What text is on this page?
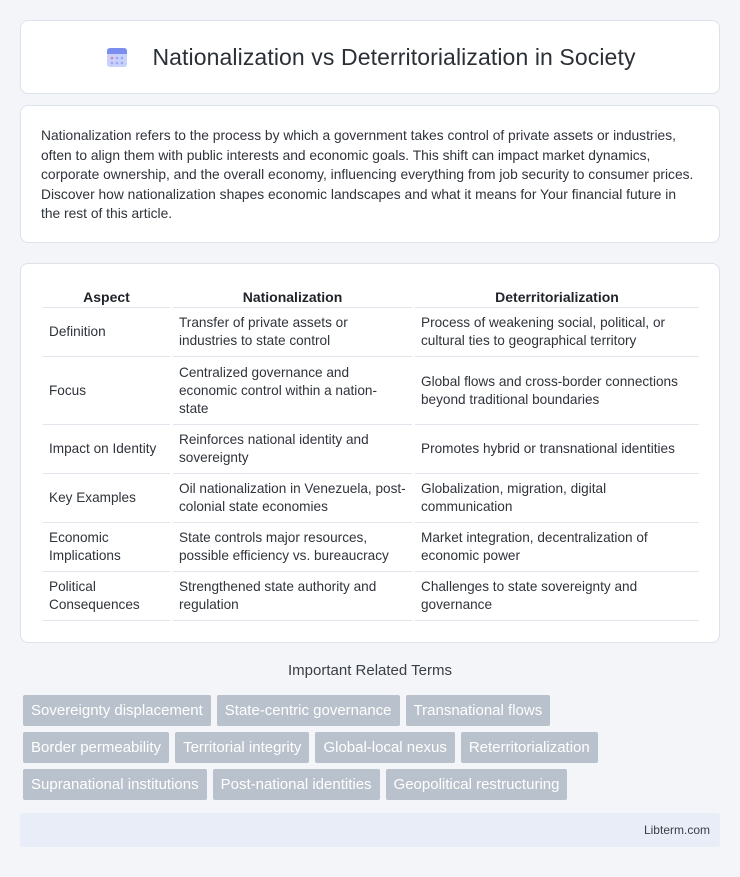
Nationalization vs Deterritorialization in Society

Nationalization refers to the process by which a government takes control of private assets or industries, often to align them with public interests and economic goals. This shift can impact market dynamics, corporate ownership, and the overall economy, influencing everything from job security to consumer prices. Discover how nationalization shapes economic landscapes and what it means for Your financial future in the rest of this article.

Aspect		Nationalization		Deterritorialization
Definition		Transfer of private assets or industries to state control		Process of weakening social, political, or cultural ties to geographical territory
Focus		Centralized governance and economic control within a nation-state		Global flows and cross-border connections beyond traditional boundaries
Impact on Identity		Reinforces national identity and sovereignty		Promotes hybrid or transnational identities
Key Examples		Oil nationalization in Venezuela, post-colonial state economies		Globalization, migration, digital communication
Economic Implications		State controls major resources, possible efficiency vs. bureaucracy		Market integration, decentralization of economic power
Political Consequences		Strengthened state authority and regulation		Challenges to state sovereignty and governance
Important Related Terms
Sovereignty displacement	State-centric governance	Transnational flows
Border permeability	Territorial integrity	Global-local nexus	Reterritorialization
Supranational institutions	Post-national identities	Geopolitical restructuring
Libterm.com
